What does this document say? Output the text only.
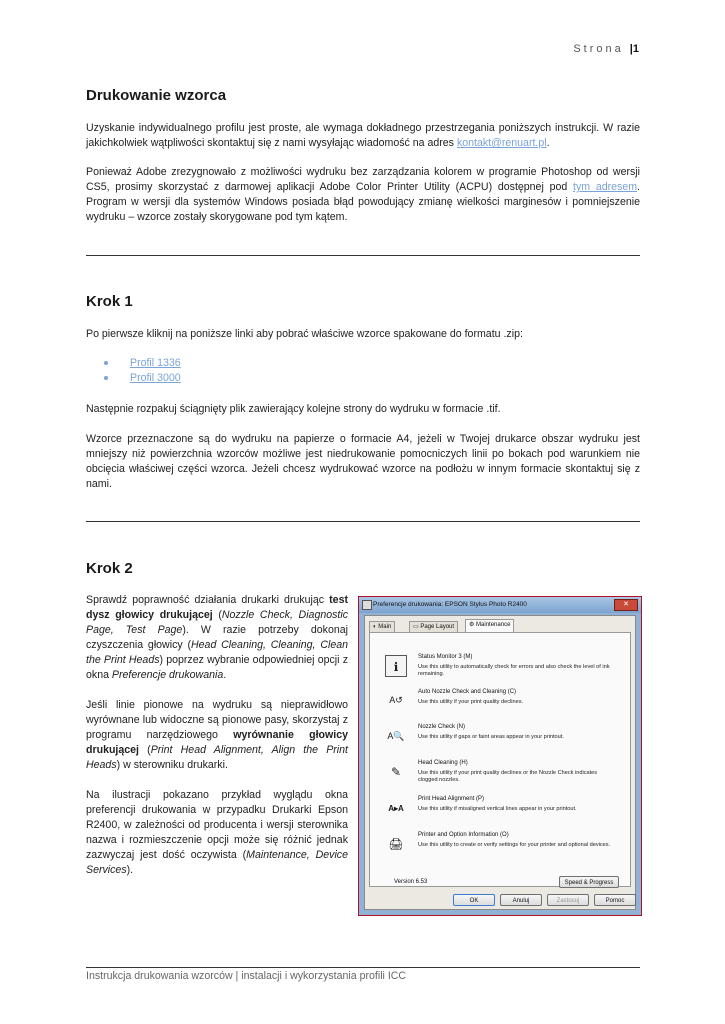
Strona |1
Drukowanie wzorca

Uzyskanie indywidualnego profilu jest proste, ale wymaga dokładnego przestrzegania poniższych instrukcji. W razie jakichkolwiek wątpliwości skontaktuj się z nami wysyłając wiadomość na adres kontakt@renuart.pl.

Ponieważ Adobe zrezygnowało z możliwości wydruku bez zarządzania kolorem w programie Photoshop od wersji CS5, prosimy skorzystać z darmowej aplikacji Adobe Color Printer Utility (ACPU) dostępnej pod tym adresem. Program w wersji dla systemów Windows posiada błąd powodujący zmianę wielkości marginesów i pomniejszenie wydruku – wzorce zostały skorygowane pod tym kątem.

Krok 1

Po pierwsze kliknij na poniższe linki aby pobrać właściwe wzorce spakowane do formatu .zip:

Profil 1336
Profil 3000

Następnie rozpakuj ściągnięty plik zawierający kolejne strony do wydruku w formacie .tif.

Wzorce przeznaczone są do wydruku na papierze o formacie A4, jeżeli w Twojej drukarce obszar wydruku jest mniejszy niż powierzchnia wzorców możliwe jest niedrukowanie pomocniczych linii po bokach pod warunkiem nie obcięcia właściwej części wzorca. Jeżeli chcesz wydrukować wzorce na podłożu w innym formacie skontaktuj się z nami.

Krok 2

Sprawdź poprawność działania drukarki drukując test dysz głowicy drukującej (Nozzle Check, Diagnostic Page, Test Page). W razie potrzeby dokonaj czyszczenia głowicy (Head Cleaning, Cleaning, Clean the Print Heads) poprzez wybranie odpowiedniej opcji z okna Preferencje drukowania.

Jeśli linie pionowe na wydruku są nieprawidłowo wyrównane lub widoczne są pionowe pasy, skorzystaj z programu narzędziowego wyrównanie głowicy drukującej (Print Head Alignment, Align the Print Heads) w sterowniku drukarki.

Na ilustracji pokazano przykład wyglądu okna preferencji drukowania w przypadku Drukarki Epson R2400, w zależności od producenta i wersji sterownika nazwa i rozmieszczenie opcji może się różnić jednak zazwyczaj jest dość oczywista (Maintenance, Device Services).

Preferencje drukowania: EPSON Stylus Photo R2400	✕
◐ Main	▭ Page Layout	⚙ Maintenance
ℹ
Status Monitor 3 (M)
Use this utility to automatically check for errors and also check the level of ink remaining.
A↺
Auto Nozzle Check and Cleaning (C)
Use this utility if your print quality declines.
A🔍
Nozzle Check (N)
Use this utility if gaps or faint areas appear in your printout.
✎
Head Cleaning (H)
Use this utility if your print quality declines or the Nozzle Check indicates clogged nozzles.
A▸A
Print Head Alignment (P)
Use this utility if misaligned vertical lines appear in your printout.
🖨
Printer and Option Information (O)
Use this utility to create or verify settings for your printer and optional devices.
Version 6.53	Speed & Progress
OK	Anuluj	Zastosuj	Pomoc
Instrukcja drukowania wzorców | instalacji i wykorzystania profili ICC
